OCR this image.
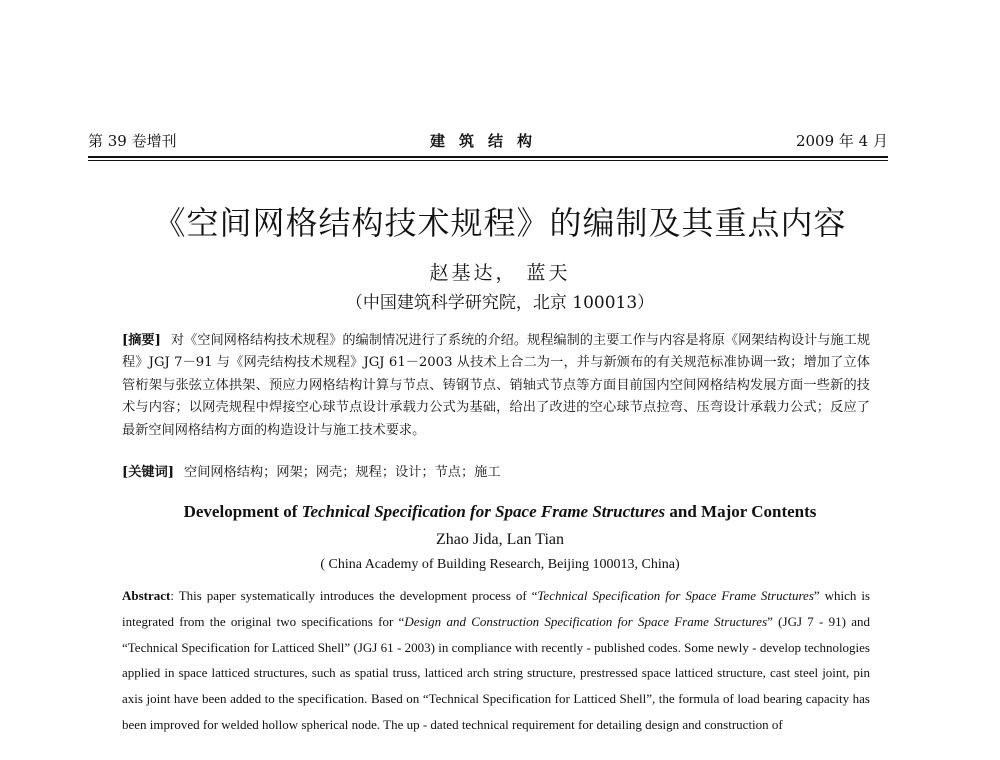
第 39 卷增刊	建筑结构	2009 年 4 月
《空间网格结构技术规程》的编制及其重点内容
赵基达， 蓝天
（中国建筑科学研究院，北京 100013）
[摘要] 对《空间网格结构技术规程》的编制情况进行了系统的介绍。规程编制的主要工作与内容是将原《网架结构设计与施工规程》JGJ 7－91 与《网壳结构技术规程》JGJ 61－2003 从技术上合二为一，并与新颁布的有关规范标准协调一致；增加了立体管桁架与张弦立体拱架、预应力网格结构计算与节点、铸钢节点、销轴式节点等方面目前国内空间网格结构发展方面一些新的技术与内容；以网壳规程中焊接空心球节点设计承载力公式为基础，给出了改进的空心球节点拉弯、压弯设计承载力公式；反应了最新空间网格结构方面的构造设计与施工技术要求。
[关键词] 空间网格结构；网架；网壳；规程；设计；节点；施工
Development of Technical Specification for Space Frame Structures and Major Contents
Zhao Jida, Lan Tian
( China Academy of Building Research, Beijing 100013, China)
Abstract: This paper systematically introduces the development process of “Technical Specification for Space Frame Structures” which is integrated from the original two specifications for “Design and Construction Specification for Space Frame Structures” (JGJ 7 - 91) and “Technical Specification for Latticed Shell” (JGJ 61 - 2003) in compliance with recently - published codes. Some newly - develop technologies applied in space latticed structures, such as spatial truss, latticed arch string structure, prestressed space latticed structure, cast steel joint, pin axis joint have been added to the specification. Based on “Technical Specification for Latticed Shell”, the formula of load bearing capacity has been improved for welded hollow spherical node. The up - dated technical requirement for detailing design and construction of
